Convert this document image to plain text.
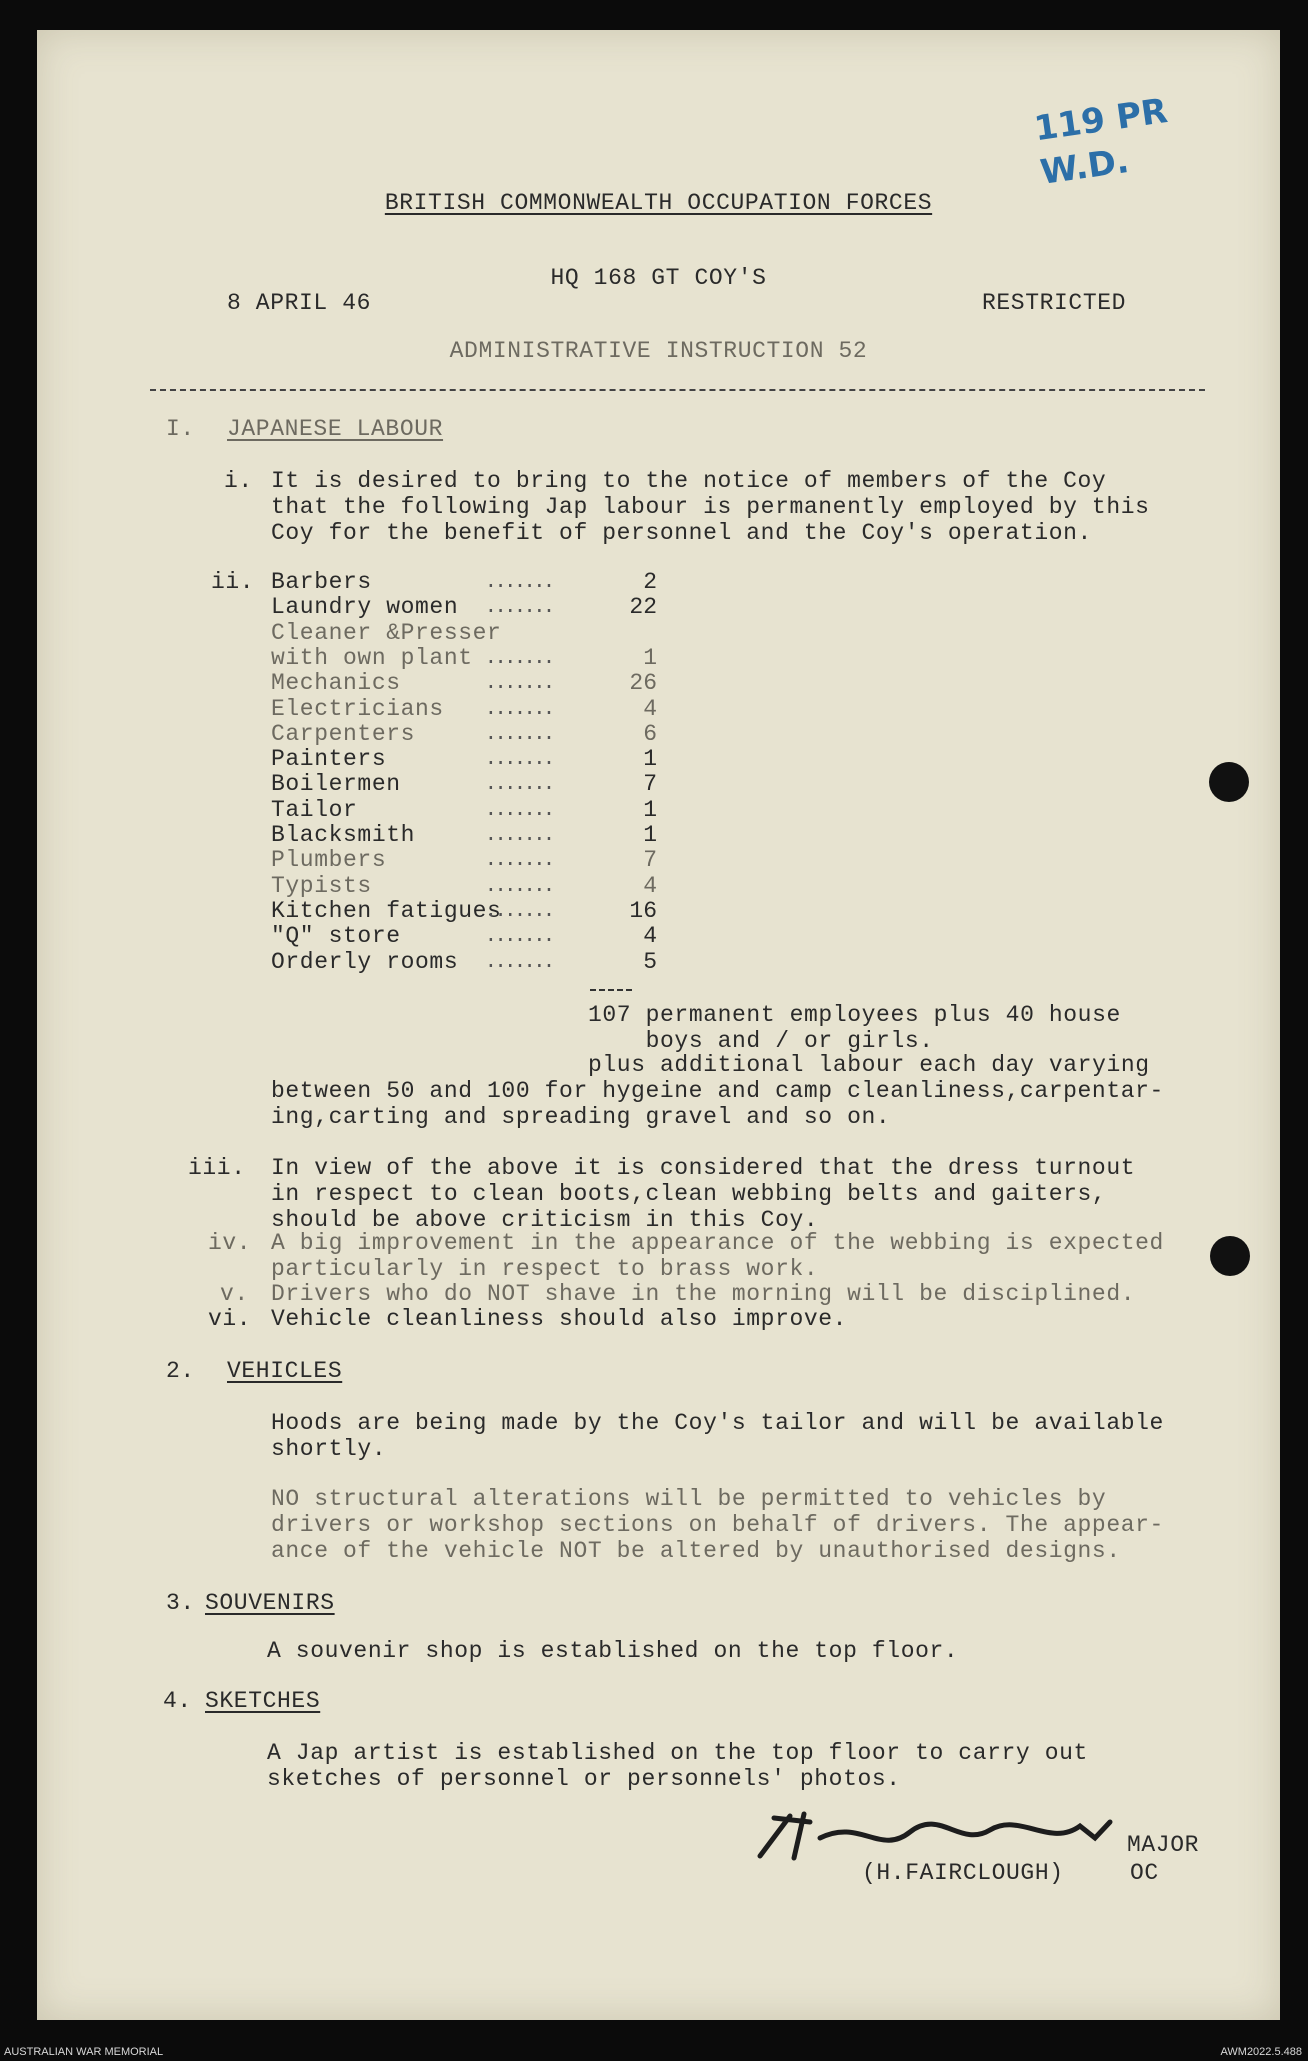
119 PR
W.D.
BRITISH COMMONWEALTH OCCUPATION FORCES
HQ 168 GT COY'S
8 APRIL 46	RESTRICTED
ADMINISTRATIVE INSTRUCTION 52
I. JAPANESE LABOUR
i. It is desired to bring to the notice of members of the Coy
that the following Jap labour is permanently employed by this
Coy for the benefit of personnel and the Coy's operation.
ii. Barbers	2
․․․․․․․
Laundry women	22
․․․․․․․
Cleaner &Presser
with own plant	1
․․․․․․․
Mechanics	26
․․․․․․․
Electricians	4
․․․․․․․
Carpenters	6
․․․․․․․
Painters	1
․․․․․․․
Boilermen	7
․․․․․․․
Tailor	1
․․․․․․․
Blacksmith	1
․․․․․․․
Plumbers	7
․․․․․․․
Typists	4
․․․․․․․
Kitchen fatigues	16
․․․․․․․
"Q" store	4
․․․․․․․
Orderly rooms	5
․․․․․․․
107 permanent employees plus 40 house
boys and / or girls.
plus additional labour each day varying
between 50 and 100 for hygeine and camp cleanliness,carpentar-
ing,carting and spreading gravel and so on.
iii. In view of the above it is considered that the dress turnout
in respect to clean boots,clean webbing belts and gaiters,
should be above criticism in this Coy.
iv. A big improvement in the appearance of the webbing is expected
particularly in respect to brass work.
v. Drivers who do NOT shave in the morning will be disciplined.
vi. Vehicle cleanliness should also improve.
2. VEHICLES
Hoods are being made by the Coy's tailor and will be available
shortly.
NO structural alterations will be permitted to vehicles by
drivers or workshop sections on behalf of drivers. The appear-
ance of the vehicle NOT be altered by unauthorised designs.
3. SOUVENIRS
A souvenir shop is established on the top floor.
4. SKETCHES
A Jap artist is established on the top floor to carry out
sketches of personnel or personnels' photos.
MAJOR
(H.FAIRCLOUGH)	OC
AUSTRALIAN WAR MEMORIAL	AWM2022.5.488
